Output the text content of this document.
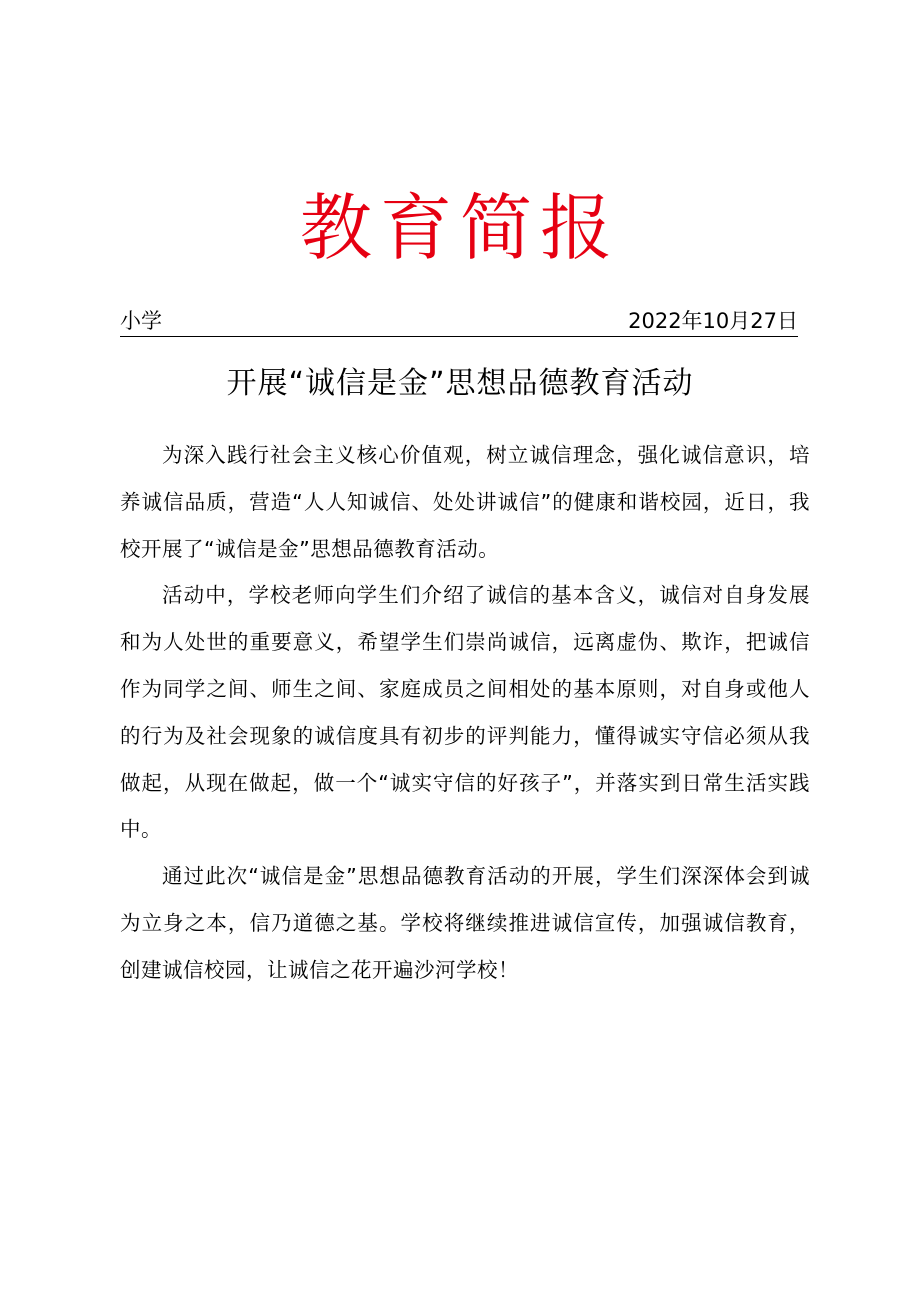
教育简报
小学	2022年10月27日
开展“诚信是金”思想品德教育活动

为深入践行社会主义核心价值观，树立诚信理念，强化诚信意识，培养诚信品质，营造“人人知诚信、处处讲诚信”的健康和谐校园，近日，我校开展了“诚信是金”思想品德教育活动。

活动中，学校老师向学生们介绍了诚信的基本含义，诚信对自身发展和为人处世的重要意义，希望学生们崇尚诚信，远离虚伪、欺诈，把诚信作为同学之间、师生之间、家庭成员之间相处的基本原则，对自身或他人的行为及社会现象的诚信度具有初步的评判能力，懂得诚实守信必须从我做起，从现在做起，做一个“诚实守信的好孩子”，并落实到日常生活实践中。

通过此次“诚信是金”思想品德教育活动的开展，学生们深深体会到诚为立身之本，信乃道德之基。学校将继续推进诚信宣传，加强诚信教育，创建诚信校园，让诚信之花开遍沙河学校！
